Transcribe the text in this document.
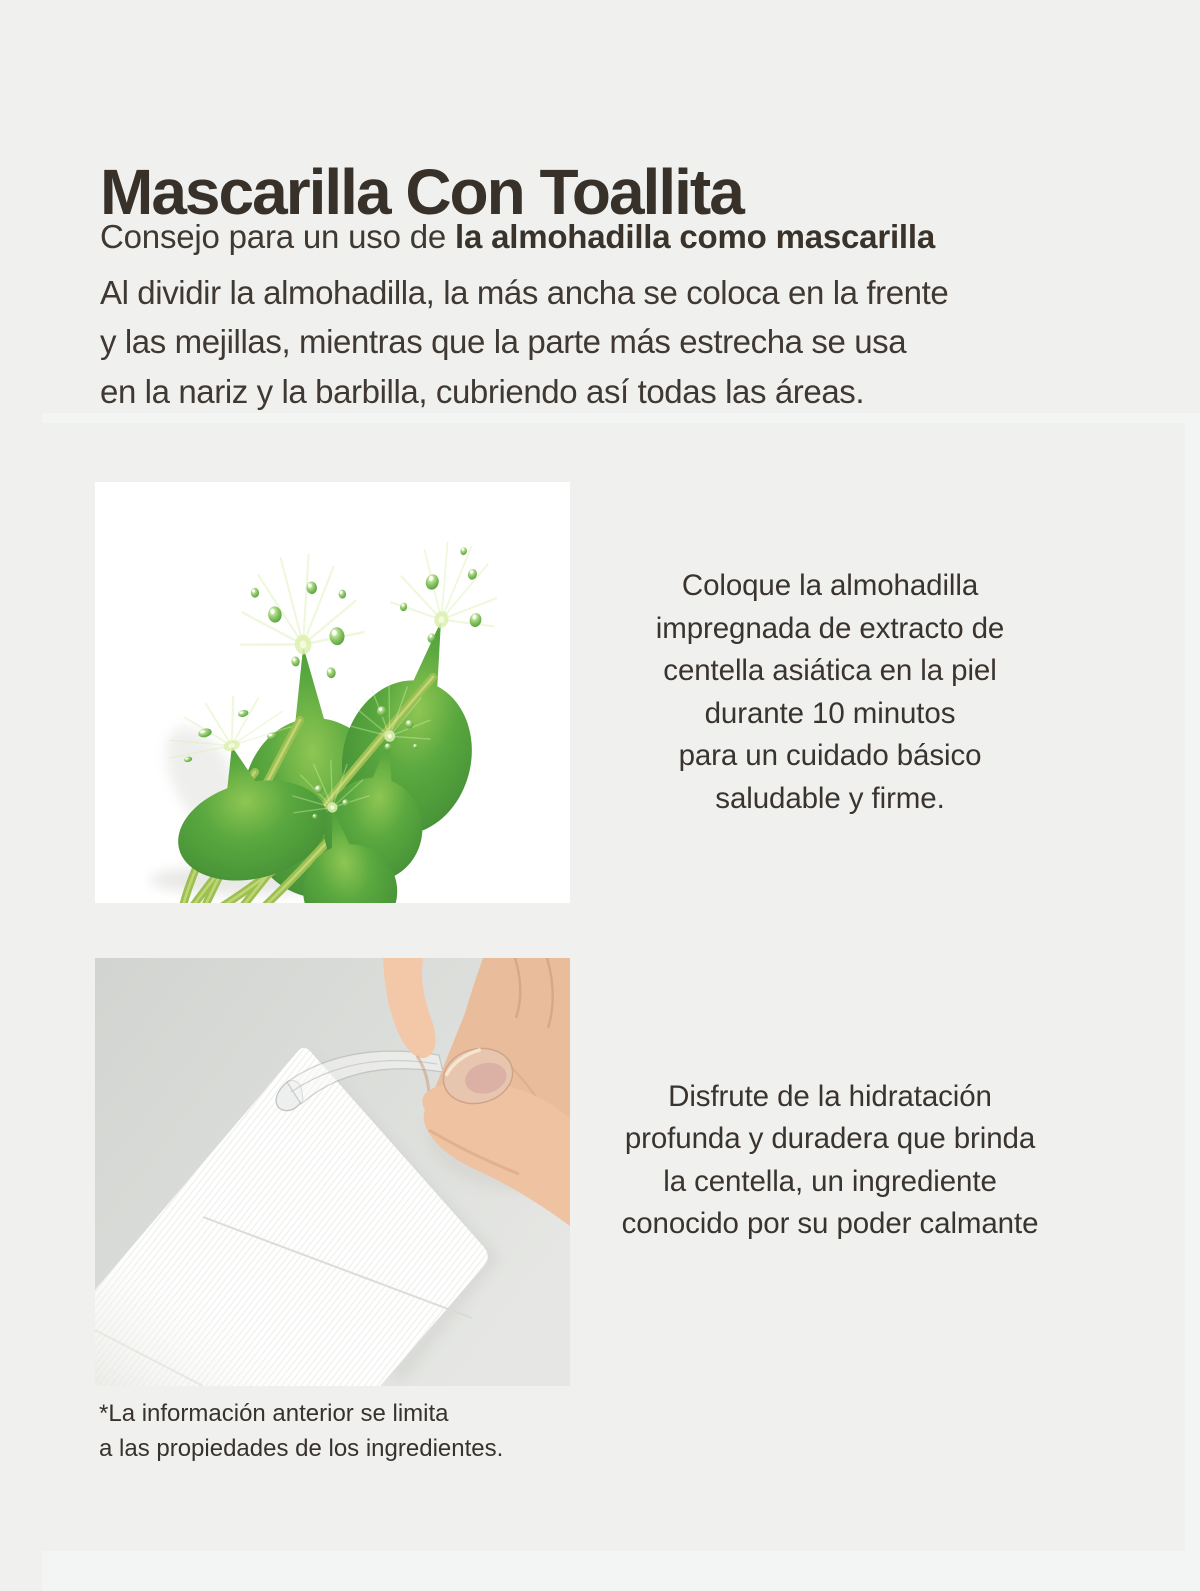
Mascarilla Con Toallita
Consejo para un uso de la almohadilla como mascarilla
Al dividir la almohadilla, la más ancha se coloca en la frente
y las mejillas, mientras que la parte más estrecha se usa
en la nariz y la barbilla, cubriendo así todas las áreas.
Coloque la almohadilla
impregnada de extracto de
centella asiática en la piel
durante 10 minutos
para un cuidado básico
saludable y firme.
Disfrute de la hidratación
profunda y duradera que brinda
la centella, un ingrediente
conocido por su poder calmante
*La información anterior se limita
a las propiedades de los ingredientes.
